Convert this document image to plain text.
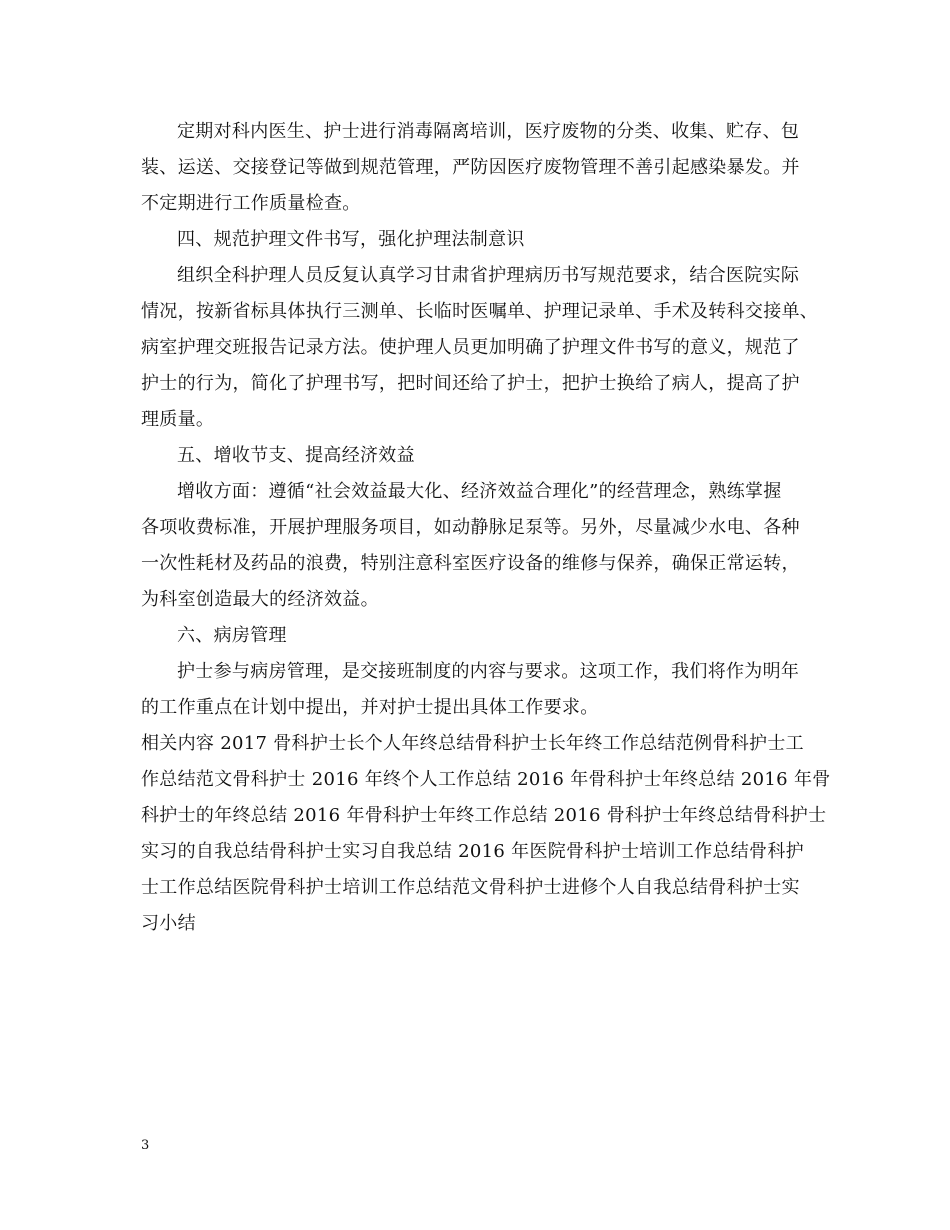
定期对科内医生、护士进行消毒隔离培训，医疗废物的分类、收集、贮存、包
装、运送、交接登记等做到规范管理，严防因医疗废物管理不善引起感染暴发。并
不定期进行工作质量检查。
四、规范护理文件书写，强化护理法制意识
组织全科护理人员反复认真学习甘肃省护理病历书写规范要求，结合医院实际
情况，按新省标具体执行三测单、长临时医嘱单、护理记录单、手术及转科交接单、
病室护理交班报告记录方法。使护理人员更加明确了护理文件书写的意义，规范了
护士的行为，简化了护理书写，把时间还给了护士，把护士换给了病人，提高了护
理质量。
五、增收节支、提高经济效益
增收方面：遵循“社会效益最大化、经济效益合理化”的经营理念，熟练掌握
各项收费标准，开展护理服务项目，如动静脉足泵等。另外，尽量减少水电、各种
一次性耗材及药品的浪费，特别注意科室医疗设备的维修与保养，确保正常运转，
为科室创造最大的经济效益。
六、病房管理
护士参与病房管理，是交接班制度的内容与要求。这项工作，我们将作为明年
的工作重点在计划中提出，并对护士提出具体工作要求。
相关内容 2017 骨科护士长个人年终总结骨科护士长年终工作总结范例骨科护士工
作总结范文骨科护士 2016 年终个人工作总结 2016 年骨科护士年终总结 2016 年骨
科护士的年终总结 2016 年骨科护士年终工作总结 2016 骨科护士年终总结骨科护士
实习的自我总结骨科护士实习自我总结 2016 年医院骨科护士培训工作总结骨科护
士工作总结医院骨科护士培训工作总结范文骨科护士进修个人自我总结骨科护士实
习小结
3
